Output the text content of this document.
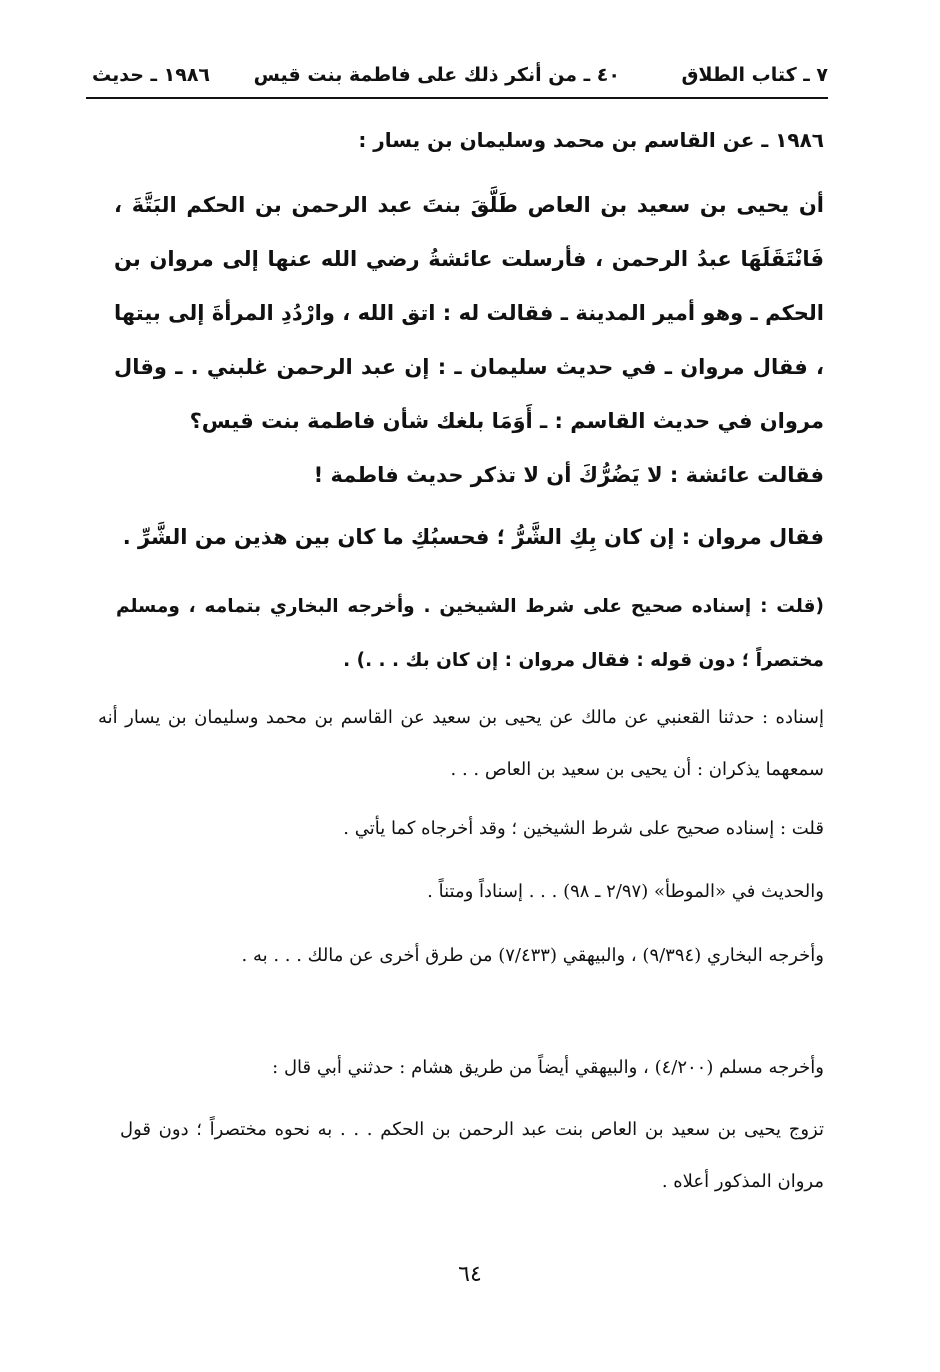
٧ ـ كتاب الطلاق
٤٠ ـ من أنكر ذلك على فاطمة بنت قيس
١٩٨٦ ـ حديث
١٩٨٦ ـ عن القاسم بن محمد وسليمان بن يسار :
أن يحيى بن سعيد بن العاص طَلَّقَ بنتَ عبد الرحمن بن الحكم البَتَّةَ ، فَانْتَقَلَهَا عبدُ الرحمن ، فأرسلت عائشةُ رضي الله عنها إلى مروان بن الحكم ـ وهو أمير المدينة ـ فقالت له : اتق الله ، وارْدُدِ المرأةَ إلى بيتها ، فقال مروان ـ في حديث سليمان ـ : إن عبد الرحمن غلبني . ـ وقال مروان في حديث القاسم : ـ أَوَمَا بلغك شأن فاطمة بنت قيس؟
فقالت عائشة : لا يَضُرُّكَ أن لا تذكر حديث فاطمة !
فقال مروان : إن كان بِكِ الشَّرُّ ؛ فحسبُكِ ما كان بين هذين من الشَّرِّ .
(قلت : إسناده صحيح على شرط الشيخين . وأخرجه البخاري بتمامه ، ومسلم مختصراً ؛ دون قوله : فقال مروان : إن كان بك . . .) .
إسناده : حدثنا القعنبي عن مالك عن يحيى بن سعيد عن القاسم بن محمد وسليمان بن يسار أنه سمعهما يذكران : أن يحيى بن سعيد بن العاص . . .
قلت : إسناده صحيح على شرط الشيخين ؛ وقد أخرجاه كما يأتي .
والحديث في «الموطأ» (٢/٩٧ ـ ٩٨) . . . إسناداً ومتناً .
وأخرجه البخاري (٩/٣٩٤) ، والبيهقي (٧/٤٣٣) من طرق أخرى عن مالك . . . به .
وأخرجه مسلم (٤/٢٠٠) ، والبيهقي أيضاً من طريق هشام : حدثني أبي قال :
تزوج يحيى بن سعيد بن العاص بنت عبد الرحمن بن الحكم . . . به نحوه مختصراً ؛ دون قول مروان المذكور أعلاه .
٦٤
